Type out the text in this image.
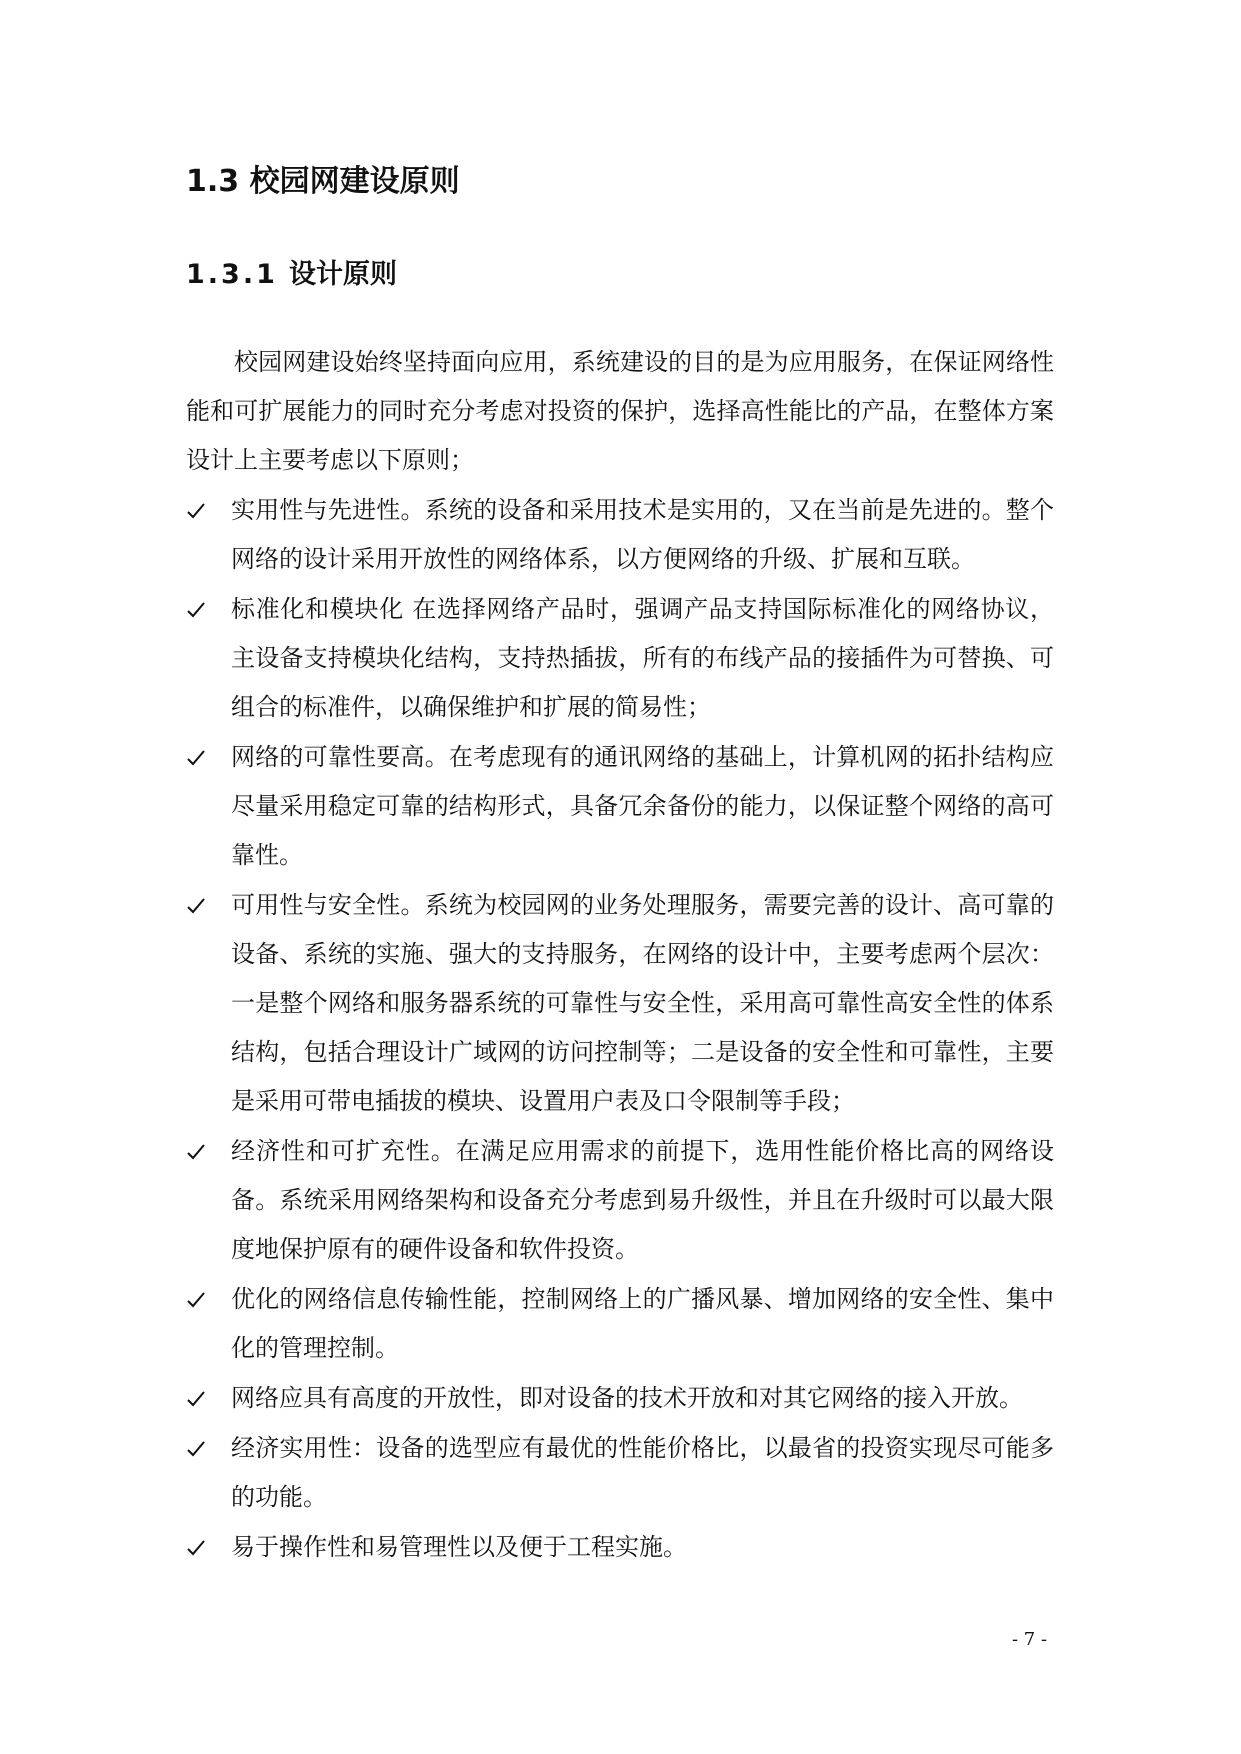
1.3 校园网建设原则
1.3.1 设计原则

校园网建设始终坚持面向应用，系统建设的目的是为应用服务，在保证网络性能和可扩展能力的同时充分考虑对投资的保护，选择高性能比的产品，在整体方案设计上主要考虑以下原则；

实用性与先进性。系统的设备和采用技术是实用的，又在当前是先进的。整个网络的设计采用开放性的网络体系，以方便网络的升级、扩展和互联。
标准化和模块化 在选择网络产品时，强调产品支持国际标准化的网络协议，主设备支持模块化结构，支持热插拔，所有的布线产品的接插件为可替换、可组合的标准件，以确保维护和扩展的简易性；
网络的可靠性要高。在考虑现有的通讯网络的基础上，计算机网的拓扑结构应尽量采用稳定可靠的结构形式，具备冗余备份的能力，以保证整个网络的高可靠性。
可用性与安全性。系统为校园网的业务处理服务，需要完善的设计、高可靠的设备、系统的实施、强大的支持服务，在网络的设计中，主要考虑两个层次：一是整个网络和服务器系统的可靠性与安全性，采用高可靠性高安全性的体系结构，包括合理设计广域网的访问控制等；二是设备的安全性和可靠性，主要是采用可带电插拔的模块、设置用户表及口令限制等手段；
经济性和可扩充性。在满足应用需求的前提下，选用性能价格比高的网络设备。系统采用网络架构和设备充分考虑到易升级性，并且在升级时可以最大限度地保护原有的硬件设备和软件投资。
优化的网络信息传输性能，控制网络上的广播风暴、增加网络的安全性、集中化的管理控制。
网络应具有高度的开放性，即对设备的技术开放和对其它网络的接入开放。
经济实用性：设备的选型应有最优的性能价格比，以最省的投资实现尽可能多的功能。
易于操作性和易管理性以及便于工程实施。
- 7 -
